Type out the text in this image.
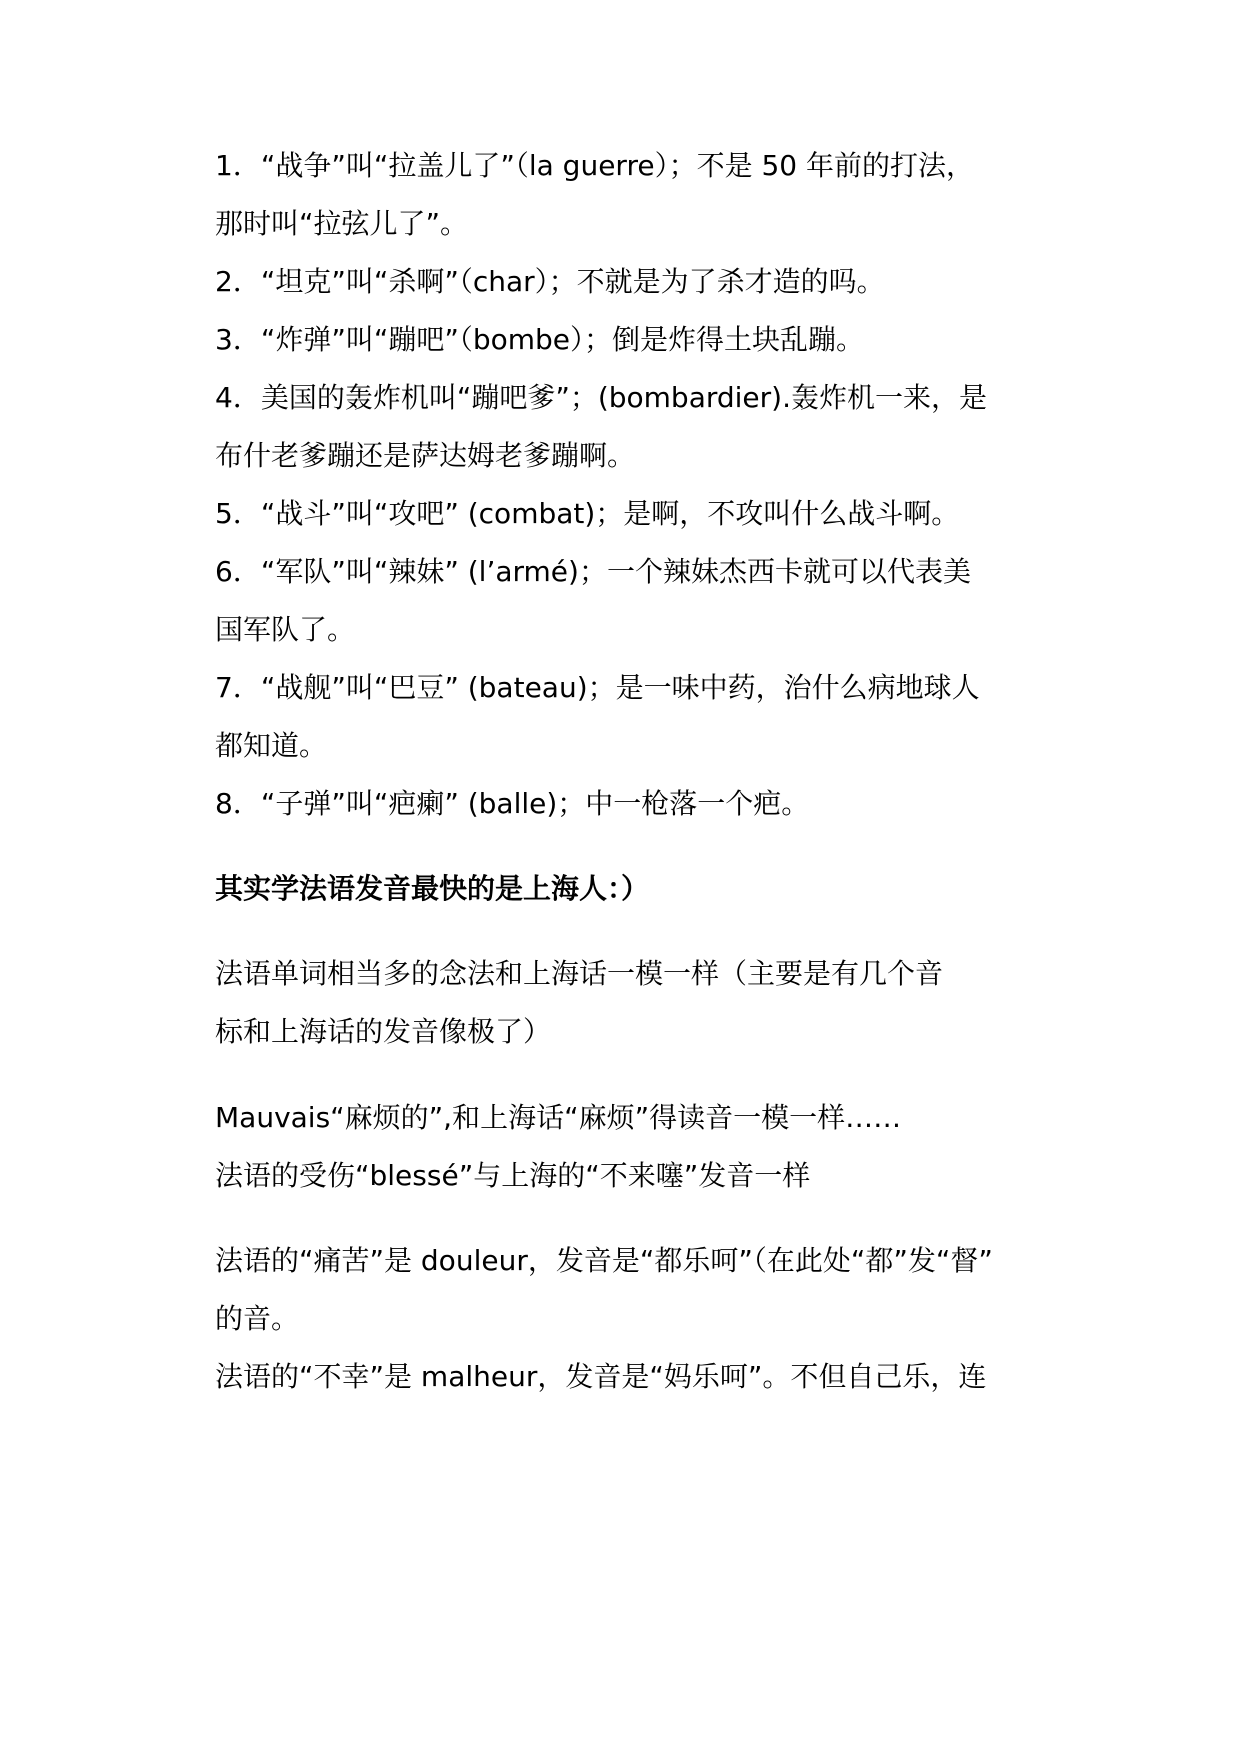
1．“战争”叫“拉盖儿了”（la guerre）；不是 50 年前的打法，

那时叫“拉弦儿了”。

2．“坦克”叫“杀啊”（char）；不就是为了杀才造的吗。

3．“炸弹”叫“蹦吧”（bombe）；倒是炸得土块乱蹦。

4．美国的轰炸机叫“蹦吧爹”；(bombardier).轰炸机一来，是

布什老爹蹦还是萨达姆老爹蹦啊。

5．“战斗”叫“攻吧” (combat)；是啊，不攻叫什么战斗啊。

6．“军队”叫“辣妹” (l’armé)；一个辣妹杰西卡就可以代表美

国军队了。

7．“战舰”叫“巴豆” (bateau)；是一味中药，治什么病地球人

都知道。

8．“子弹”叫“疤瘌” (balle)；中一枪落一个疤。

其实学法语发音最快的是上海人：）

法语单词相当多的念法和上海话一模一样（主要是有几个音

标和上海话的发音像极了）

Mauvais“麻烦的”,和上海话“麻烦”得读音一模一样……

法语的受伤“blessé”与上海的“不来噻”发音一样

法语的“痛苦”是 douleur，发音是“都乐呵”（在此处“都”发“督”

的音。

法语的“不幸”是 malheur，发音是“妈乐呵”。不但自己乐，连
